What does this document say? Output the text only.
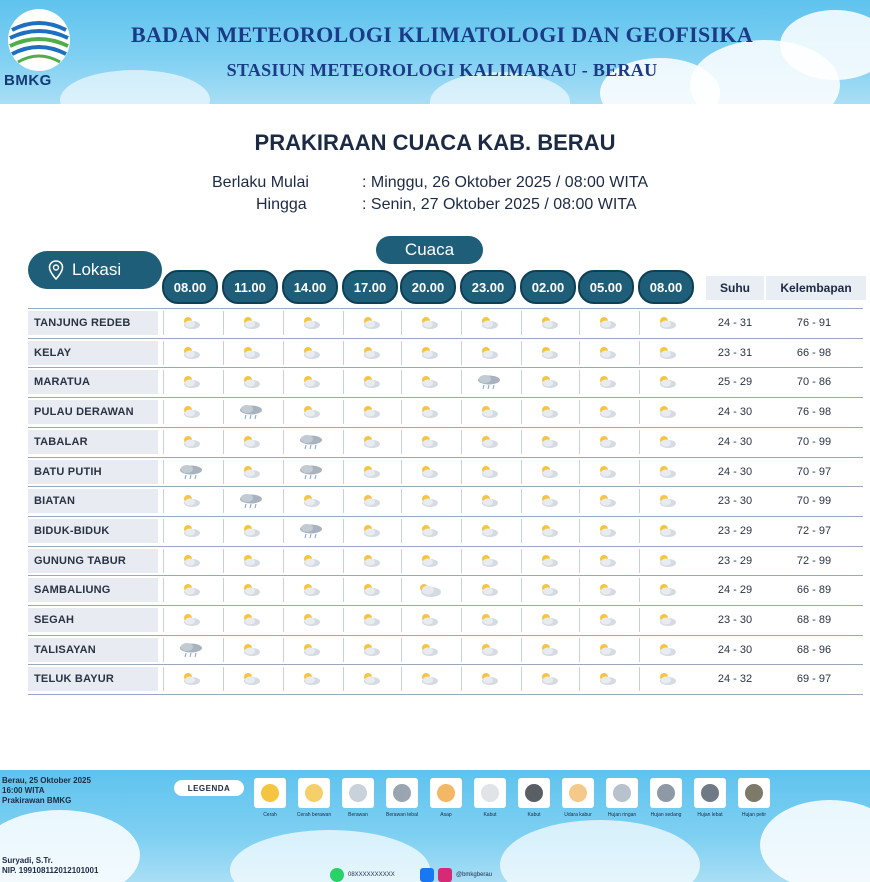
BMKG
BADAN METEOROLOGI KLIMATOLOGI DAN GEOFISIKA
STASIUN METEOROLOGI KALIMARAU - BERAU
PRAKIRAAN CUACA KAB. BERAU
Berlaku Mulai	: Minggu, 26 Oktober 2025 / 08:00 WITA
Hingga	: Senin, 27 Oktober 2025 / 08:00 WITA
Lokasi
Cuaca
08.00	11.00	14.00	17.00	20.00	23.00	02.00	05.00	08.00	Suhu	Kelembapan
TANJUNG REDEB	24 - 31	76 - 91
KELAY	23 - 31	66 - 98
MARATUA	25 - 29	70 - 86
PULAU DERAWAN	24 - 30	76 - 98
TABALAR	24 - 30	70 - 99
BATU PUTIH	24 - 30	70 - 97
BIATAN	23 - 30	70 - 99
BIDUK-BIDUK	23 - 29	72 - 97
GUNUNG TABUR	23 - 29	72 - 99
SAMBALIUNG	24 - 29	66 - 89
SEGAH	23 - 30	68 - 89
TALISAYAN	24 - 30	68 - 96
TELUK BAYUR	24 - 32	69 - 97
Berau, 25 Oktober 2025
16:00 WITA
Prakirawan BMKG
LEGENDA
Cerah	Cerah berawan	Berawan	Berawan tebal	Asap	Kabut	Kabut	Udara kabur	Hujan ringan	Hujan sedang	Hujan lebat	Hujan petir
Suryadi, S.Tr.
NIP. 199108112012101001	08XXXXXXXXXX	@bmkgberau
